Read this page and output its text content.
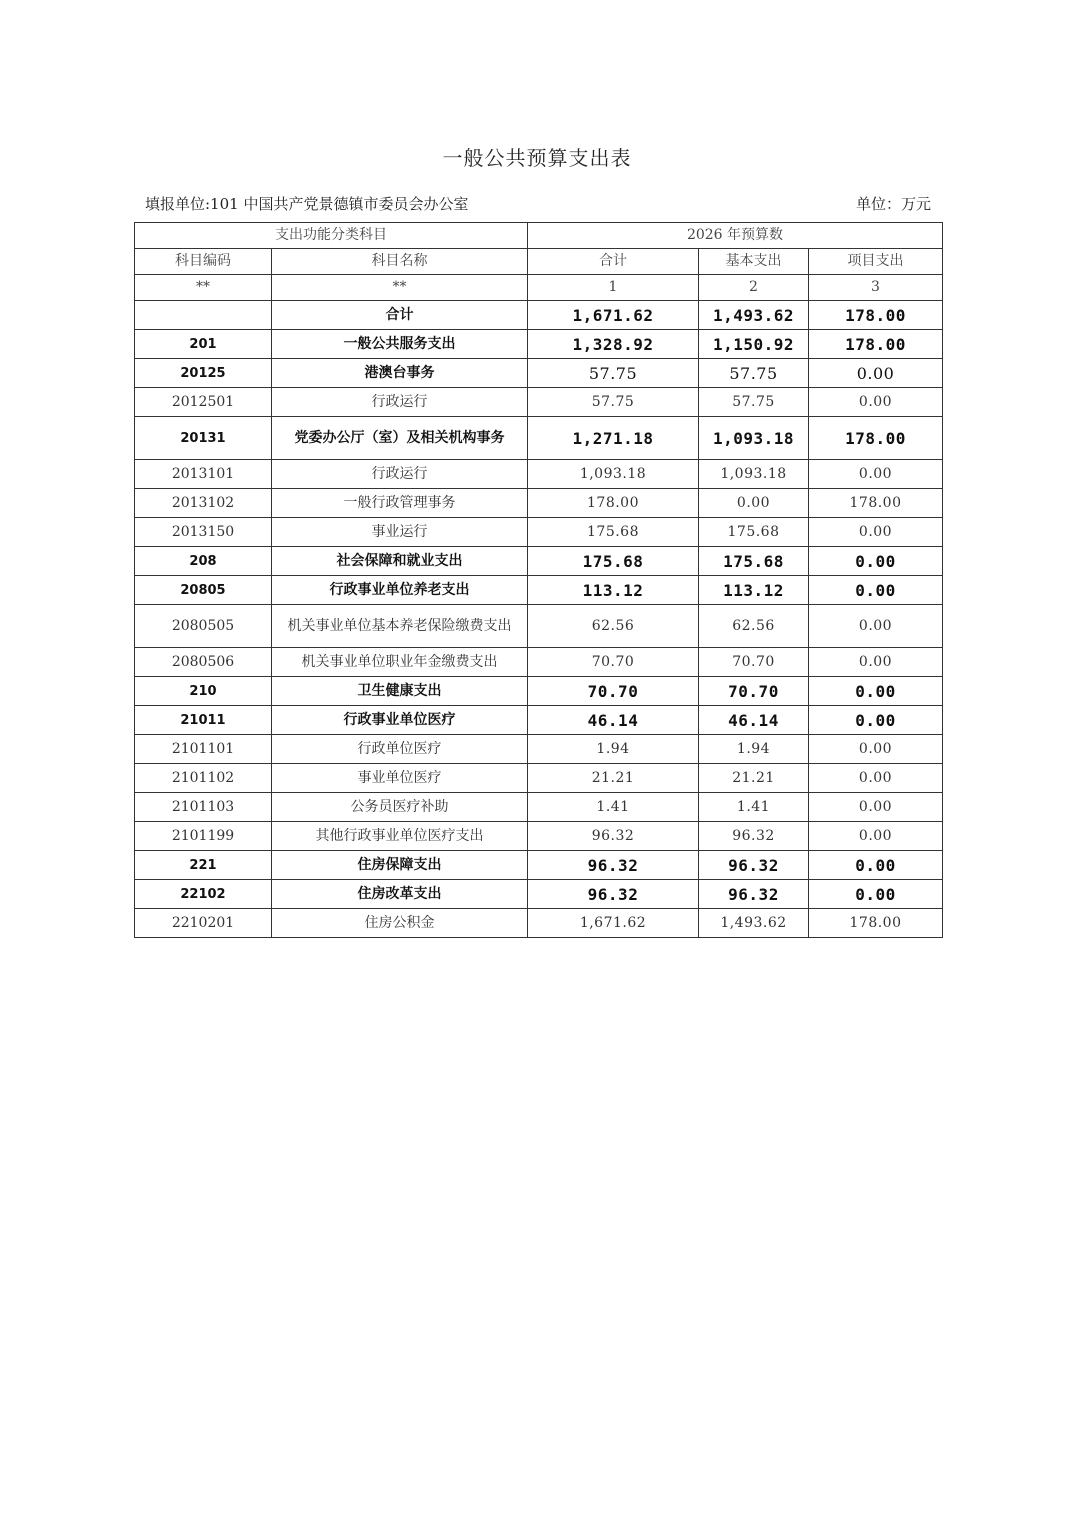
一般公共预算支出表
填报单位:101 中国共产党景德镇市委员会办公室	单位：万元
支出功能分类科目		2026 年预算数		
科目编码	科目名称	合计	基本支出	项目支出
**	**	1	2	3
	合计	1,671.62	1,493.62	178.00
201	一般公共服务支出	1,328.92	1,150.92	178.00
20125	港澳台事务	57.75	57.75	0.00
2012501	行政运行	57.75	57.75	0.00
20131	党委办公厅（室）及相关机构事务	1,271.18	1,093.18	178.00
2013101	行政运行	1,093.18	1,093.18	0.00
2013102	一般行政管理事务	178.00	0.00	178.00
2013150	事业运行	175.68	175.68	0.00
208	社会保障和就业支出	175.68	175.68	0.00
20805	行政事业单位养老支出	113.12	113.12	0.00
2080505	机关事业单位基本养老保险缴费支出	62.56	62.56	0.00
2080506	机关事业单位职业年金缴费支出	70.70	70.70	0.00
210	卫生健康支出	70.70	70.70	0.00
21011	行政事业单位医疗	46.14	46.14	0.00
2101101	行政单位医疗	1.94	1.94	0.00
2101102	事业单位医疗	21.21	21.21	0.00
2101103	公务员医疗补助	1.41	1.41	0.00
2101199	其他行政事业单位医疗支出	96.32	96.32	0.00
221	住房保障支出	96.32	96.32	0.00
22102	住房改革支出	96.32	96.32	0.00
2210201	住房公积金	1,671.62	1,493.62	178.00
